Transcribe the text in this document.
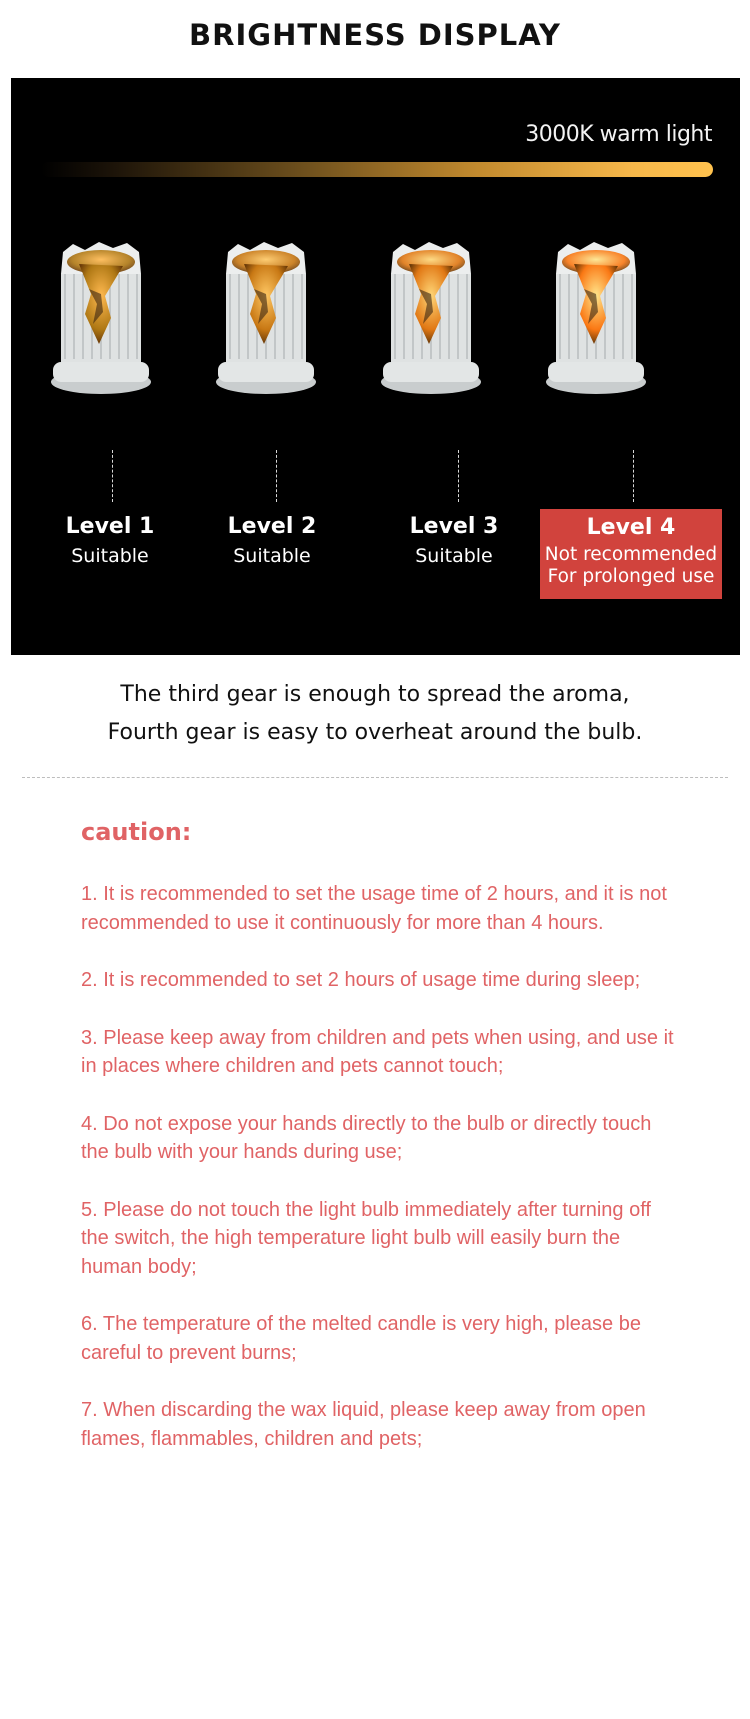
BRIGHTNESS DISPLAY
3000K warm light
Level 1
Suitable
Level 2
Suitable
Level 3
Suitable
Level 4
Not recommended
For prolonged use
The third gear is enough to spread the aroma,
Fourth gear is easy to overheat around the bulb.
caution:
1. It is recommended to set the usage time of 2 hours, and it is not recommended to use it continuously for more than 4 hours.
2. It is recommended to set 2 hours of usage time during sleep;
3. Please keep away from children and pets when using, and use it in places where children and pets cannot touch;
4. Do not expose your hands directly to the bulb or directly touch the bulb with your hands during use;
5. Please do not touch the light bulb immediately after turning off the switch, the high temperature light bulb will easily burn the human body;
6. The temperature of the melted candle is very high, please be careful to prevent burns;
7. When discarding the wax liquid, please keep away from open flames, flammables, children and pets;
